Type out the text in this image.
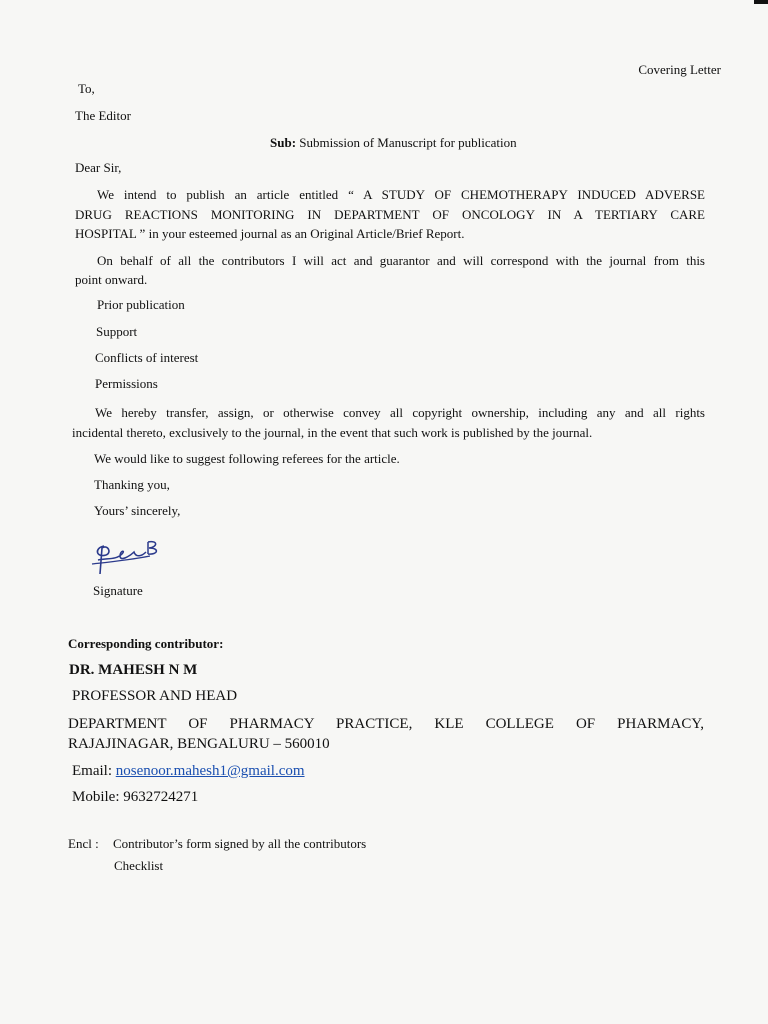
Covering Letter
To,
The Editor
Sub: Submission of Manuscript for publication
Dear Sir,
We intend to publish an article entitled “ A STUDY OF CHEMOTHERAPY INDUCED ADVERSE
DRUG REACTIONS MONITORING IN DEPARTMENT OF ONCOLOGY IN A TERTIARY CARE
HOSPITAL ” in your esteemed journal as an Original Article/Brief Report.
On behalf of all the contributors I will act and guarantor and will correspond with the journal from this
point onward.
Prior publication
Support
Conflicts of interest
Permissions
We hereby transfer, assign, or otherwise convey all copyright ownership, including any and all rights
incidental thereto, exclusively to the journal, in the event that such work is published by the journal.
We would like to suggest following referees for the article.
Thanking you,
Yours’ sincerely,
Signature
Corresponding contributor:
DR. MAHESH N M
PROFESSOR AND HEAD
DEPARTMENT OF PHARMACY PRACTICE, KLE COLLEGE OF PHARMACY,
RAJAJINAGAR, BENGALURU – 560010
Email: nosenoor.mahesh1@gmail.com
Mobile: 9632724271
Encl : Contributor’s form signed by all the contributors
Checklist
